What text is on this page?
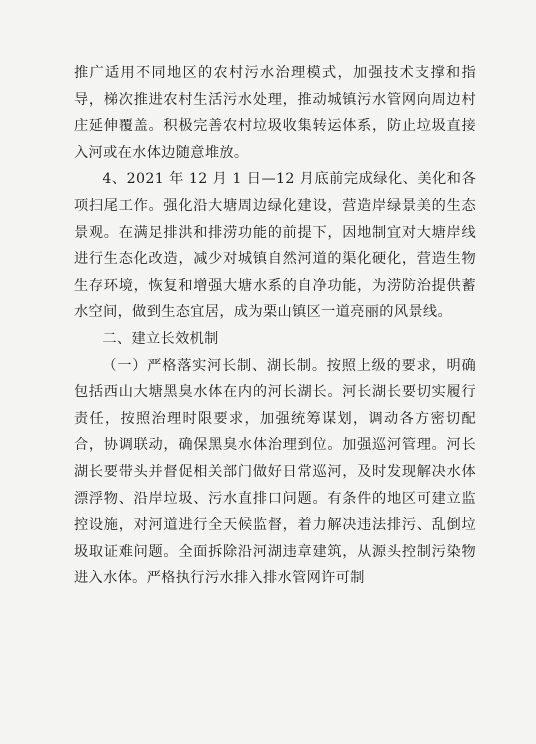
推广适用不同地区的农村污水治理模式，加强技术支撑和指导，梯次推进农村生活污水处理，推动城镇污水管网向周边村庄延伸覆盖。积极完善农村垃圾收集转运体系，防止垃圾直接入河或在水体边随意堆放。

4、2021 年 12 月 1 日—12 月底前完成绿化、美化和各项扫尾工作。强化沿大塘周边绿化建设，营造岸绿景美的生态景观。在满足排洪和排涝功能的前提下，因地制宜对大塘岸线进行生态化改造，减少对城镇自然河道的渠化硬化，营造生物生存环境，恢复和增强大塘水系的自净功能，为涝防治提供蓄水空间，做到生态宜居，成为栗山镇区一道亮丽的风景线。

二、建立长效机制

（一）严格落实河长制、湖长制。按照上级的要求，明确包括西山大塘黑臭水体在内的河长湖长。河长湖长要切实履行责任，按照治理时限要求，加强统筹谋划，调动各方密切配合，协调联动，确保黑臭水体治理到位。加强巡河管理。河长湖长要带头并督促相关部门做好日常巡河，及时发现解决水体漂浮物、沿岸垃圾、污水直排口问题。有条件的地区可建立监控设施，对河道进行全天候监督，着力解决违法排污、乱倒垃圾取证难问题。全面拆除沿河湖违章建筑，从源头控制污染物进入水体。严格执行污水排入排水管网许可制
